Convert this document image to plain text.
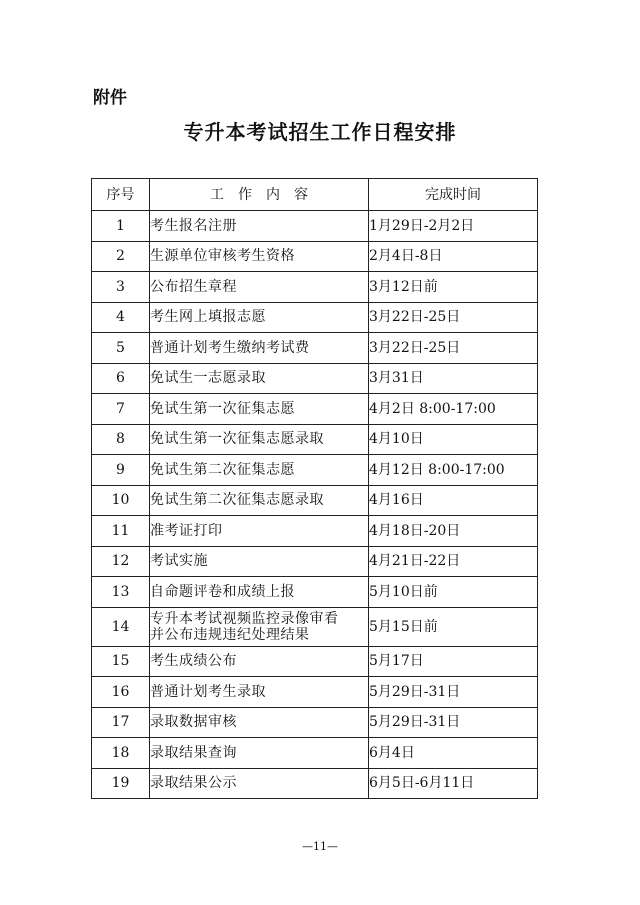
附件
专升本考试招生工作日程安排
序号	工　作　内　容	完成时间
1	考生报名注册	1月29日-2月2日
2	生源单位审核考生资格	2月4日-8日
3	公布招生章程	3月12日前
4	考生网上填报志愿	3月22日-25日
5	普通计划考生缴纳考试费	3月22日-25日
6	免试生一志愿录取	3月31日
7	免试生第一次征集志愿	4月2日 8:00-17:00
8	免试生第一次征集志愿录取	4月10日
9	免试生第二次征集志愿	4月12日 8:00-17:00
10	免试生第二次征集志愿录取	4月16日
11	准考证打印	4月18日-20日
12	考试实施	4月21日-22日
13	自命题评卷和成绩上报	5月10日前
14	专升本考试视频监控录像审看
并公布违规违纪处理结果	5月15日前
15	考生成绩公布	5月17日
16	普通计划考生录取	5月29日-31日
17	录取数据审核	5月29日-31日
18	录取结果查询	6月4日
19	录取结果公示	6月5日-6月11日
—11—
